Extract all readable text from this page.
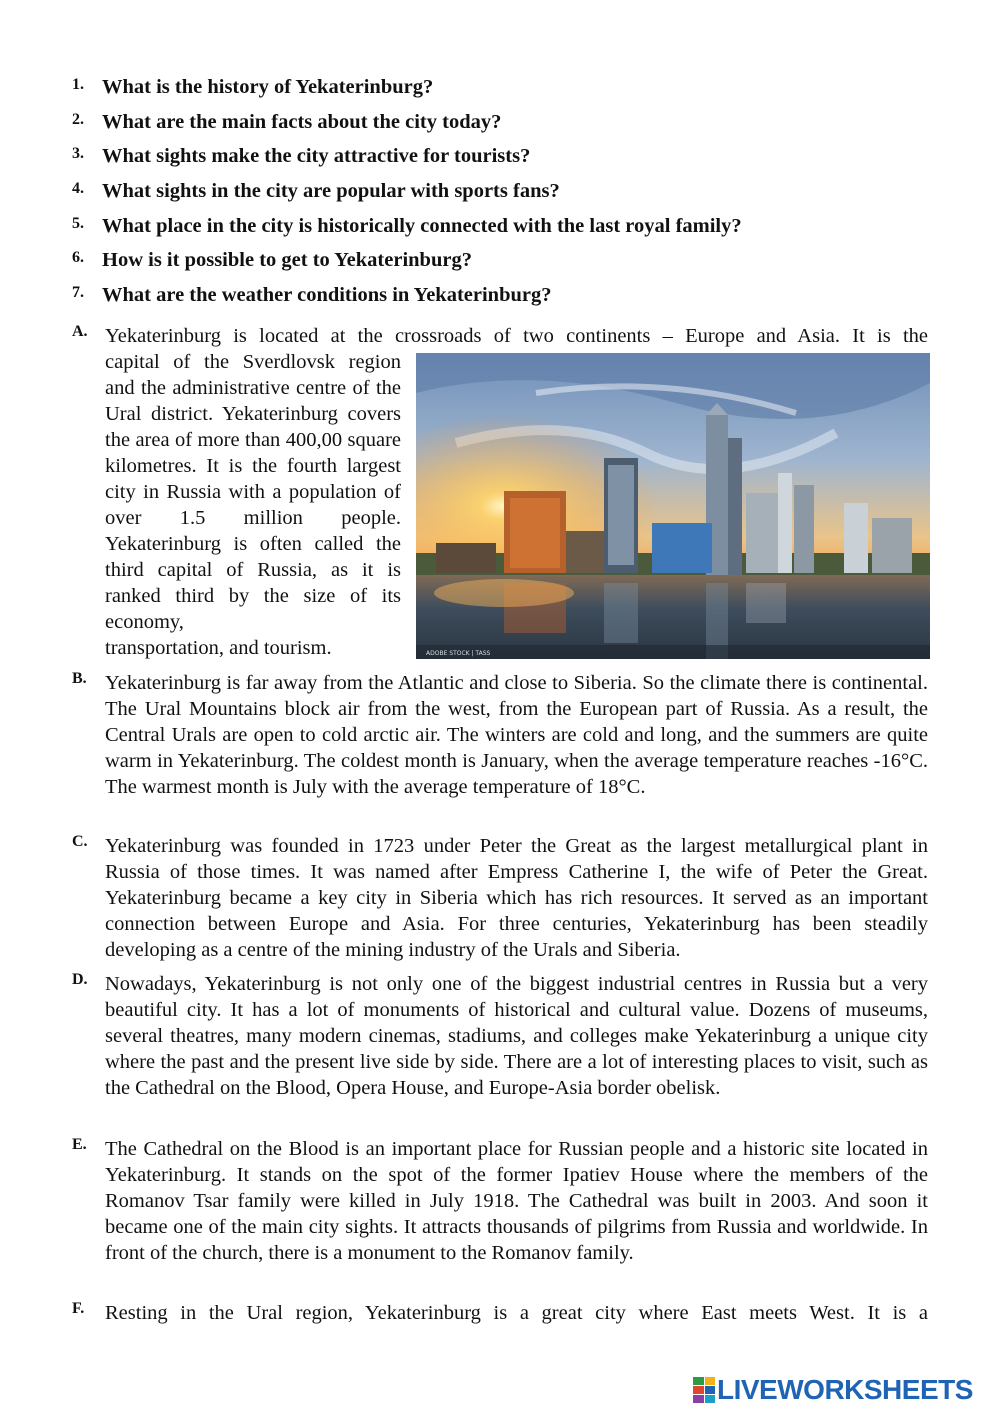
1. What is the history of Yekaterinburg?
2. What are the main facts about the city today?
3. What sights make the city attractive for tourists?
4. What sights in the city are popular with sports fans?
5. What place in the city is historically connected with the last royal family?
6. How is it possible to get to Yekaterinburg?
7. What are the weather conditions in Yekaterinburg?
A. Yekaterinburg is located at the crossroads of two continents – Europe and Asia. It is the
capital of the Sverdlovsk region and the administrative centre of the Ural district. Yekaterinburg covers the area of more than 400,00 square kilometres. It is the fourth largest city in Russia with a population of over 1.5 million people. Yekaterinburg is often called the third capital of Russia, as it is ranked third by the size of its economy,
transportation, and tourism.	ADOBE STOCK | TASS
B. Yekaterinburg is far away from the Atlantic and close to Siberia. So the climate there is continental. The Ural Mountains block air from the west, from the European part of Russia. As a result, the Central Urals are open to cold arctic air. The winters are cold and long, and the summers are quite warm in Yekaterinburg. The coldest month is January, when the average temperature reaches -16°C. The warmest month is July with the average temperature of 18°C.
C. Yekaterinburg was founded in 1723 under Peter the Great as the largest metallurgical plant in Russia of those times. It was named after Empress Catherine I, the wife of Peter the Great. Yekaterinburg became a key city in Siberia which has rich resources. It served as an important connection between Europe and Asia. For three centuries, Yekaterinburg has been steadily developing as a centre of the mining industry of the Urals and Siberia.
D. Nowadays, Yekaterinburg is not only one of the biggest industrial centres in Russia but a very beautiful city. It has a lot of monuments of historical and cultural value. Dozens of museums, several theatres, many modern cinemas, stadiums, and colleges make Yekaterinburg a unique city where the past and the present live side by side. There are a lot of interesting places to visit, such as the Cathedral on the Blood, Opera House, and Europe-Asia border obelisk.
E. The Cathedral on the Blood is an important place for Russian people and a historic site located in Yekaterinburg. It stands on the spot of the former Ipatiev House where the members of the Romanov Tsar family were killed in July 1918. The Cathedral was built in 2003. And soon it became one of the main city sights. It attracts thousands of pilgrims from Russia and worldwide. In front of the church, there is a monument to the Romanov family.
F. Resting in the Ural region, Yekaterinburg is a great city where East meets West. It is a
LIVEWORKSHEETS
